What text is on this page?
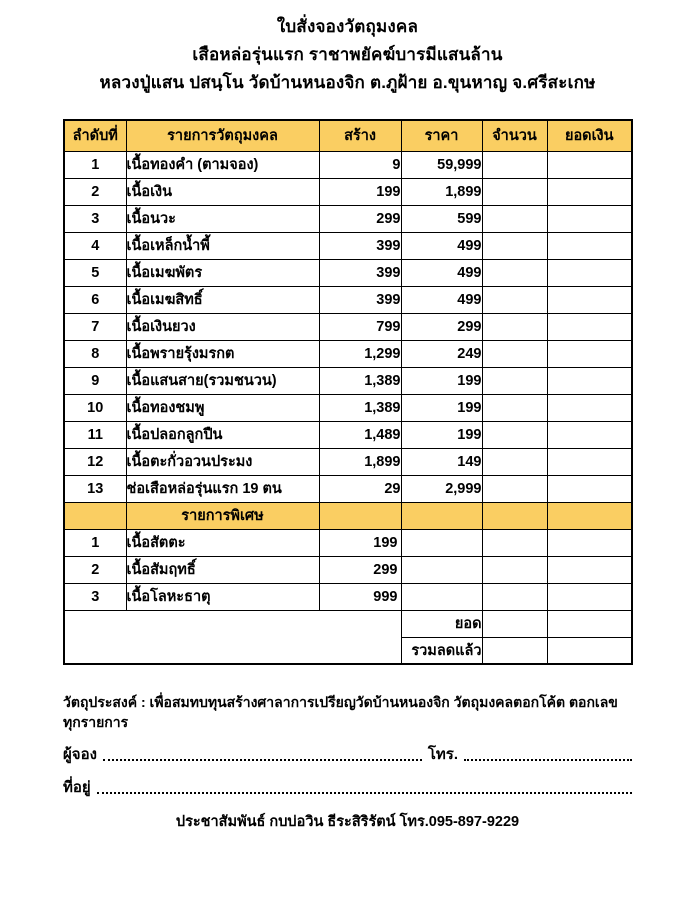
ใบสั่งจองวัตถุมงคล
เสือหล่อรุ่นแรก ราชาพยัคฆ์บารมีแสนล้าน
หลวงปู่แสน ปสนฺโน วัดบ้านหนองจิก ต.ภูฝ้าย อ.ขุนหาญ จ.ศรีสะเกษ
ลำดับที่	รายการวัตถุมงคล	สร้าง	ราคา	จำนวน	ยอดเงิน
1	เนื้อทองคำ (ตามจอง)	9	59,999		
2	เนื้อเงิน	199	1,899		
3	เนื้อนวะ	299	599		
4	เนื้อเหล็กน้ำพี้	399	499		
5	เนื้อเมฆพัตร	399	499		
6	เนื้อเมฆสิทธิ์	399	499		
7	เนื้อเงินยวง	799	299		
8	เนื้อพรายรุ้งมรกต	1,299	249		
9	เนื้อแสนสาย(รวมชนวน)	1,389	199		
10	เนื้อทองชมพู	1,389	199		
11	เนื้อปลอกลูกปืน	1,489	199		
12	เนื้อตะกั่วอวนประมง	1,899	149		
13	ช่อเสือหล่อรุ่นแรก 19 ตน	29	2,999		
	รายการพิเศษ				
1	เนื้อสัตตะ	199			
2	เนื้อสัมฤทธิ์	299			
3	เนื้อโลหะธาตุ	999			
			ยอด		
			รวมลดแล้ว		
วัตถุประสงค์ : เพื่อสมทบทุนสร้างศาลาการเปรียญวัดบ้านหนองจิก วัตถุมงคลตอกโค้ต ตอกเลขทุกรายการ
ผู้จอง	โทร.
ที่อยู่
ประชาสัมพันธ์ กบบ่อวิน ธีระสิริรัตน์ โทร.095-897-9229
